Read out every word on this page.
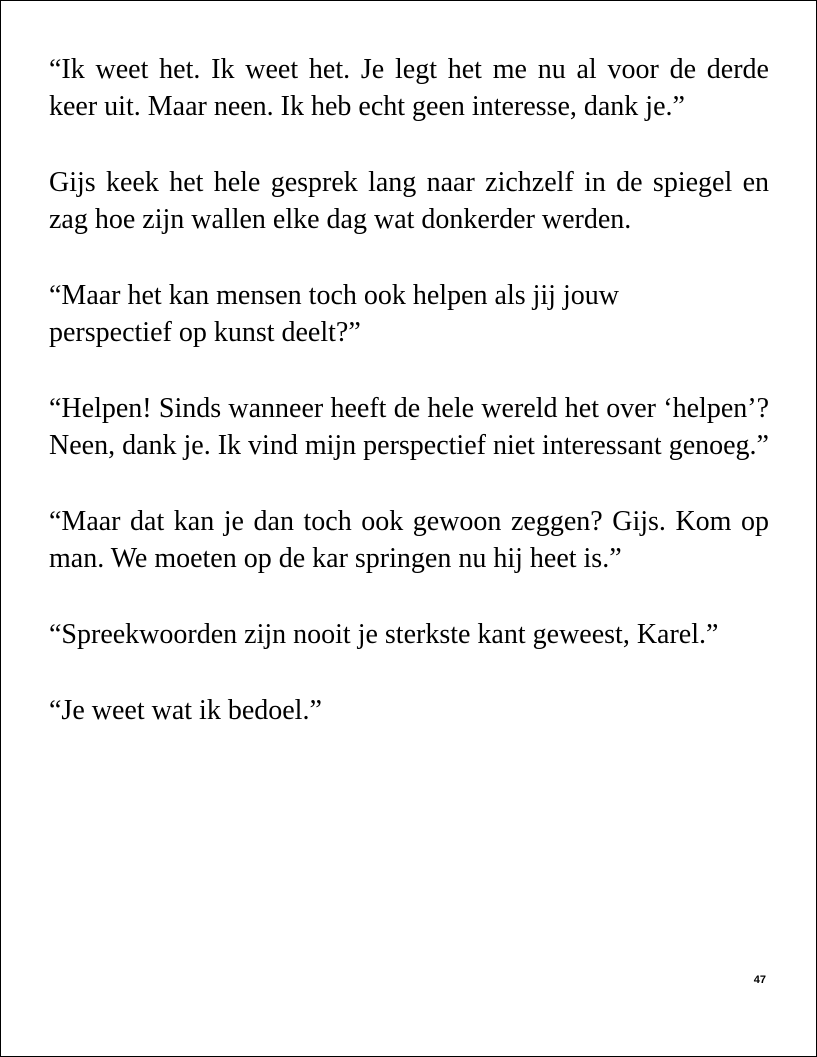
“Ik weet het. Ik weet het. Je legt het me nu al voor de derde keer uit. Maar neen. Ik heb echt geen interesse, dank je.”

Gijs keek het hele gesprek lang naar zichzelf in de spiegel en zag hoe zijn wallen elke dag wat donkerder werden.

“Maar het kan mensen toch ook helpen als jij jouw perspectief op kunst deelt?”

“Helpen! Sinds wanneer heeft de hele wereld het over ‘helpen’? Neen, dank je. Ik vind mijn perspectief niet interessant genoeg.”

“Maar dat kan je dan toch ook gewoon zeggen? Gijs. Kom op man. We moeten op de kar springen nu hij heet is.”

“Spreekwoorden zijn nooit je sterkste kant geweest, Karel.”

“Je weet wat ik bedoel.”

47
